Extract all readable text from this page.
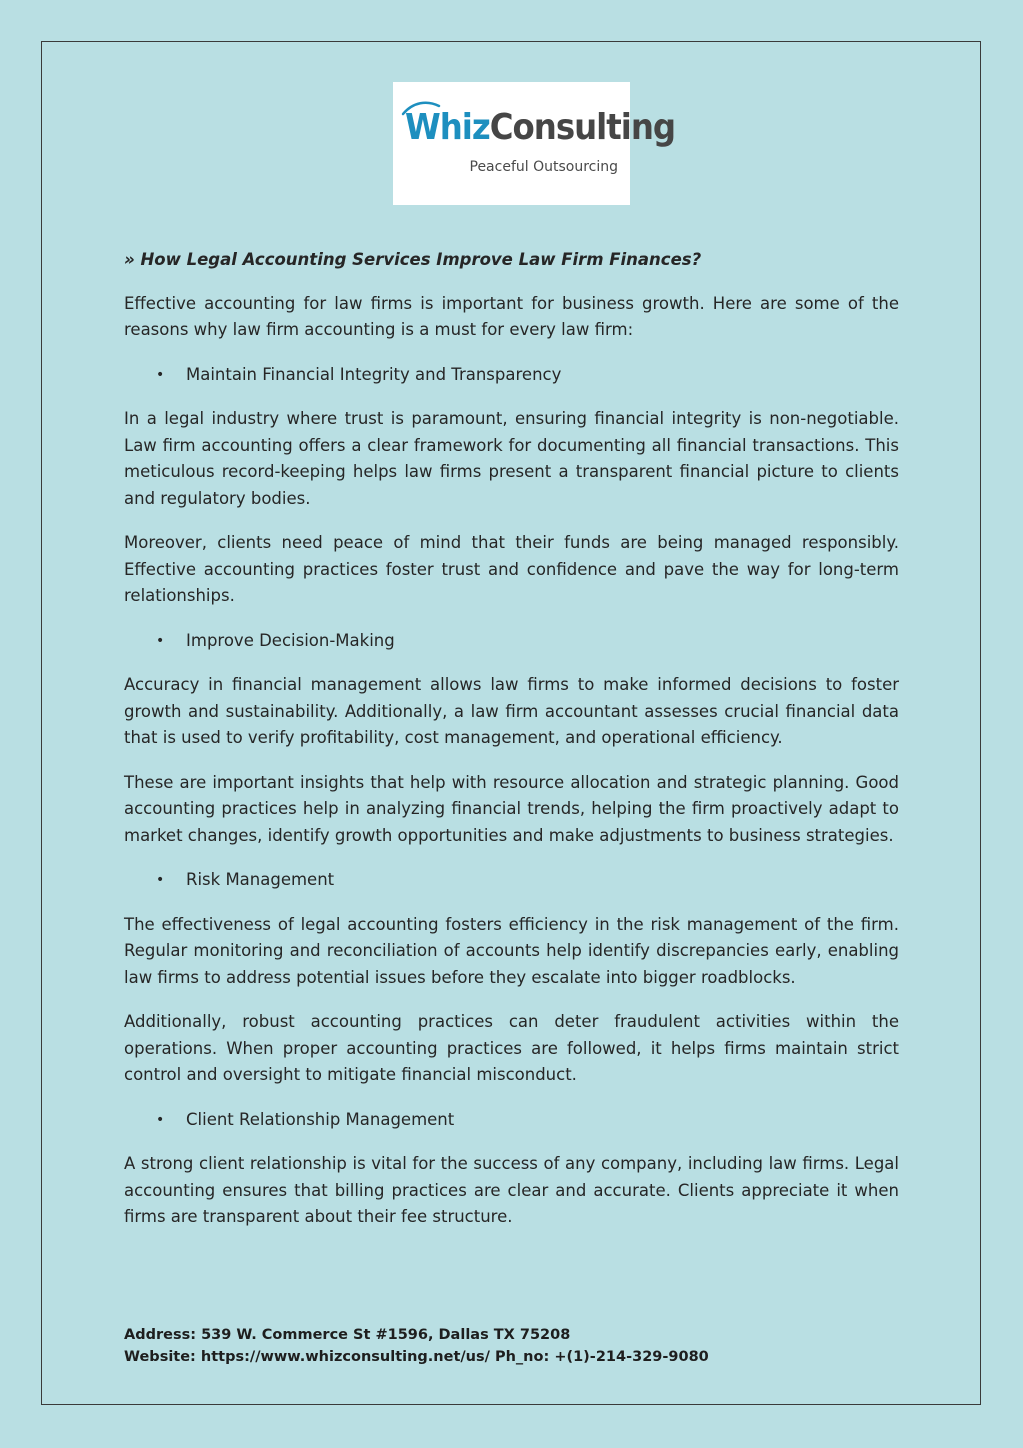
WhizConsulting
Peaceful Outsourcing
» How Legal Accounting Services Improve Law Firm Finances?

Effective accounting for law firms is important for business growth. Here are some of the reasons why law firm accounting is a must for every law firm:

• Maintain Financial Integrity and Transparency

In a legal industry where trust is paramount, ensuring financial integrity is non-negotiable. Law firm accounting offers a clear framework for documenting all financial transactions. This meticulous record-keeping helps law firms present a transparent financial picture to clients and regulatory bodies.

Moreover, clients need peace of mind that their funds are being managed responsibly. Effective accounting practices foster trust and confidence and pave the way for long-term relationships.

• Improve Decision-Making

Accuracy in financial management allows law firms to make informed decisions to foster growth and sustainability. Additionally, a law firm accountant assesses crucial financial data that is used to verify profitability, cost management, and operational efficiency.

These are important insights that help with resource allocation and strategic planning. Good accounting practices help in analyzing financial trends, helping the firm proactively adapt to market changes, identify growth opportunities and make adjustments to business strategies.

• Risk Management

The effectiveness of legal accounting fosters efficiency in the risk management of the firm. Regular monitoring and reconciliation of accounts help identify discrepancies early, enabling law firms to address potential issues before they escalate into bigger roadblocks.

Additionally, robust accounting practices can deter fraudulent activities within the operations. When proper accounting practices are followed, it helps firms maintain strict control and oversight to mitigate financial misconduct.

• Client Relationship Management

A strong client relationship is vital for the success of any company, including law firms. Legal accounting ensures that billing practices are clear and accurate. Clients appreciate it when firms are transparent about their fee structure.

Address: 539 W. Commerce St #1596, Dallas TX 75208
Website: https://www.whizconsulting.net/us/ Ph_no: +(1)-214-329-9080
